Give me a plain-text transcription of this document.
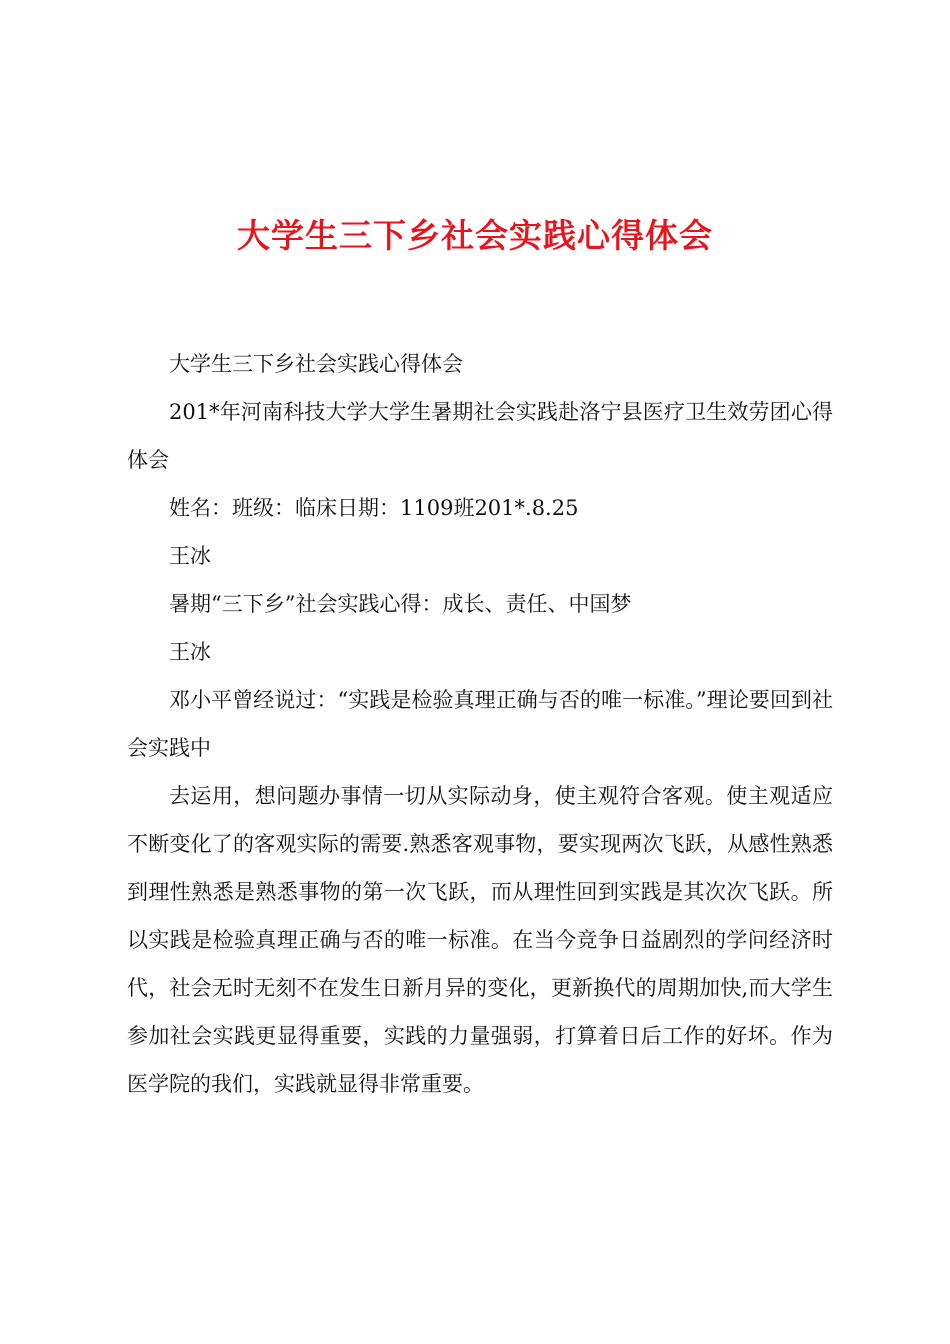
大学生三下乡社会实践心得体会

大学生三下乡社会实践心得体会

201*年河南科技大学大学生暑期社会实践赴洛宁县医疗卫生效劳团心得体会

姓名：班级：临床日期：1109班201*.8.25

王冰

暑期“三下乡”社会实践心得：成长、责任、中国梦

王冰

邓小平曾经说过：“实践是检验真理正确与否的唯一标准。”理论要回到社会实践中

去运用，想问题办事情一切从实际动身，使主观符合客观。使主观适应不断变化了的客观实际的需要.熟悉客观事物，要实现两次飞跃，从感性熟悉到理性熟悉是熟悉事物的第一次飞跃，而从理性回到实践是其次次飞跃。所以实践是检验真理正确与否的唯一标准。在当今竞争日益剧烈的学问经济时代，社会无时无刻不在发生日新月异的变化，更新换代的周期加快,而大学生参加社会实践更显得重要，实践的力量强弱，打算着日后工作的好坏。作为医学院的我们，实践就显得非常重要。
